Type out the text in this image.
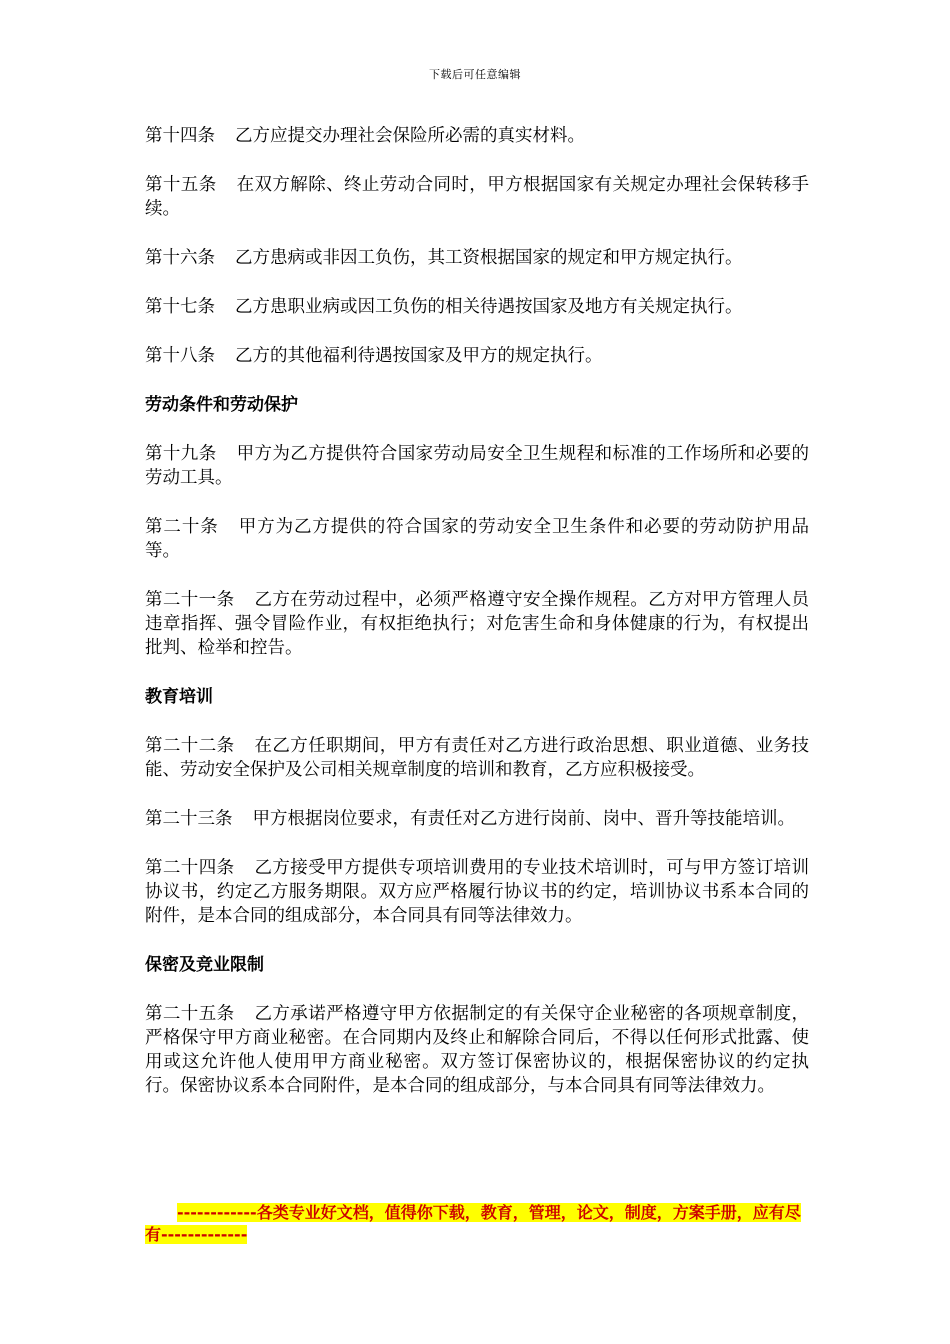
下载后可任意编辑

第十四条 乙方应提交办理社会保险所必需的真实材料。

第十五条 在双方解除、终止劳动合同时，甲方根据国家有关规定办理社会保转移手续。

第十六条 乙方患病或非因工负伤，其工资根据国家的规定和甲方规定执行。

第十七条 乙方患职业病或因工负伤的相关待遇按国家及地方有关规定执行。

第十八条 乙方的其他福利待遇按国家及甲方的规定执行。

劳动条件和劳动保护

第十九条 甲方为乙方提供符合国家劳动局安全卫生规程和标准的工作场所和必要的劳动工具。

第二十条 甲方为乙方提供的符合国家的劳动安全卫生条件和必要的劳动防护用品等。

第二十一条 乙方在劳动过程中，必须严格遵守安全操作规程。乙方对甲方管理人员违章指挥、强令冒险作业，有权拒绝执行；对危害生命和身体健康的行为，有权提出批判、检举和控告。

教育培训

第二十二条 在乙方任职期间，甲方有责任对乙方进行政治思想、职业道德、业务技能、劳动安全保护及公司相关规章制度的培训和教育，乙方应积极接受。

第二十三条 甲方根据岗位要求，有责任对乙方进行岗前、岗中、晋升等技能培训。

第二十四条 乙方接受甲方提供专项培训费用的专业技术培训时，可与甲方签订培训协议书，约定乙方服务期限。双方应严格履行协议书的约定，培训协议书系本合同的附件，是本合同的组成部分，本合同具有同等法律效力。

保密及竞业限制

第二十五条 乙方承诺严格遵守甲方依据制定的有关保守企业秘密的各项规章制度，严格保守甲方商业秘密。在合同期内及终止和解除合同后，不得以任何形式批露、使用或这允许他人使用甲方商业秘密。双方签订保密协议的，根据保密协议的约定执行。保密协议系本合同附件，是本合同的组成部分，与本合同具有同等法律效力。

------------各类专业好文档，值得你下载，教育，管理，论文，制度，方案手册，应有尽有-------------
